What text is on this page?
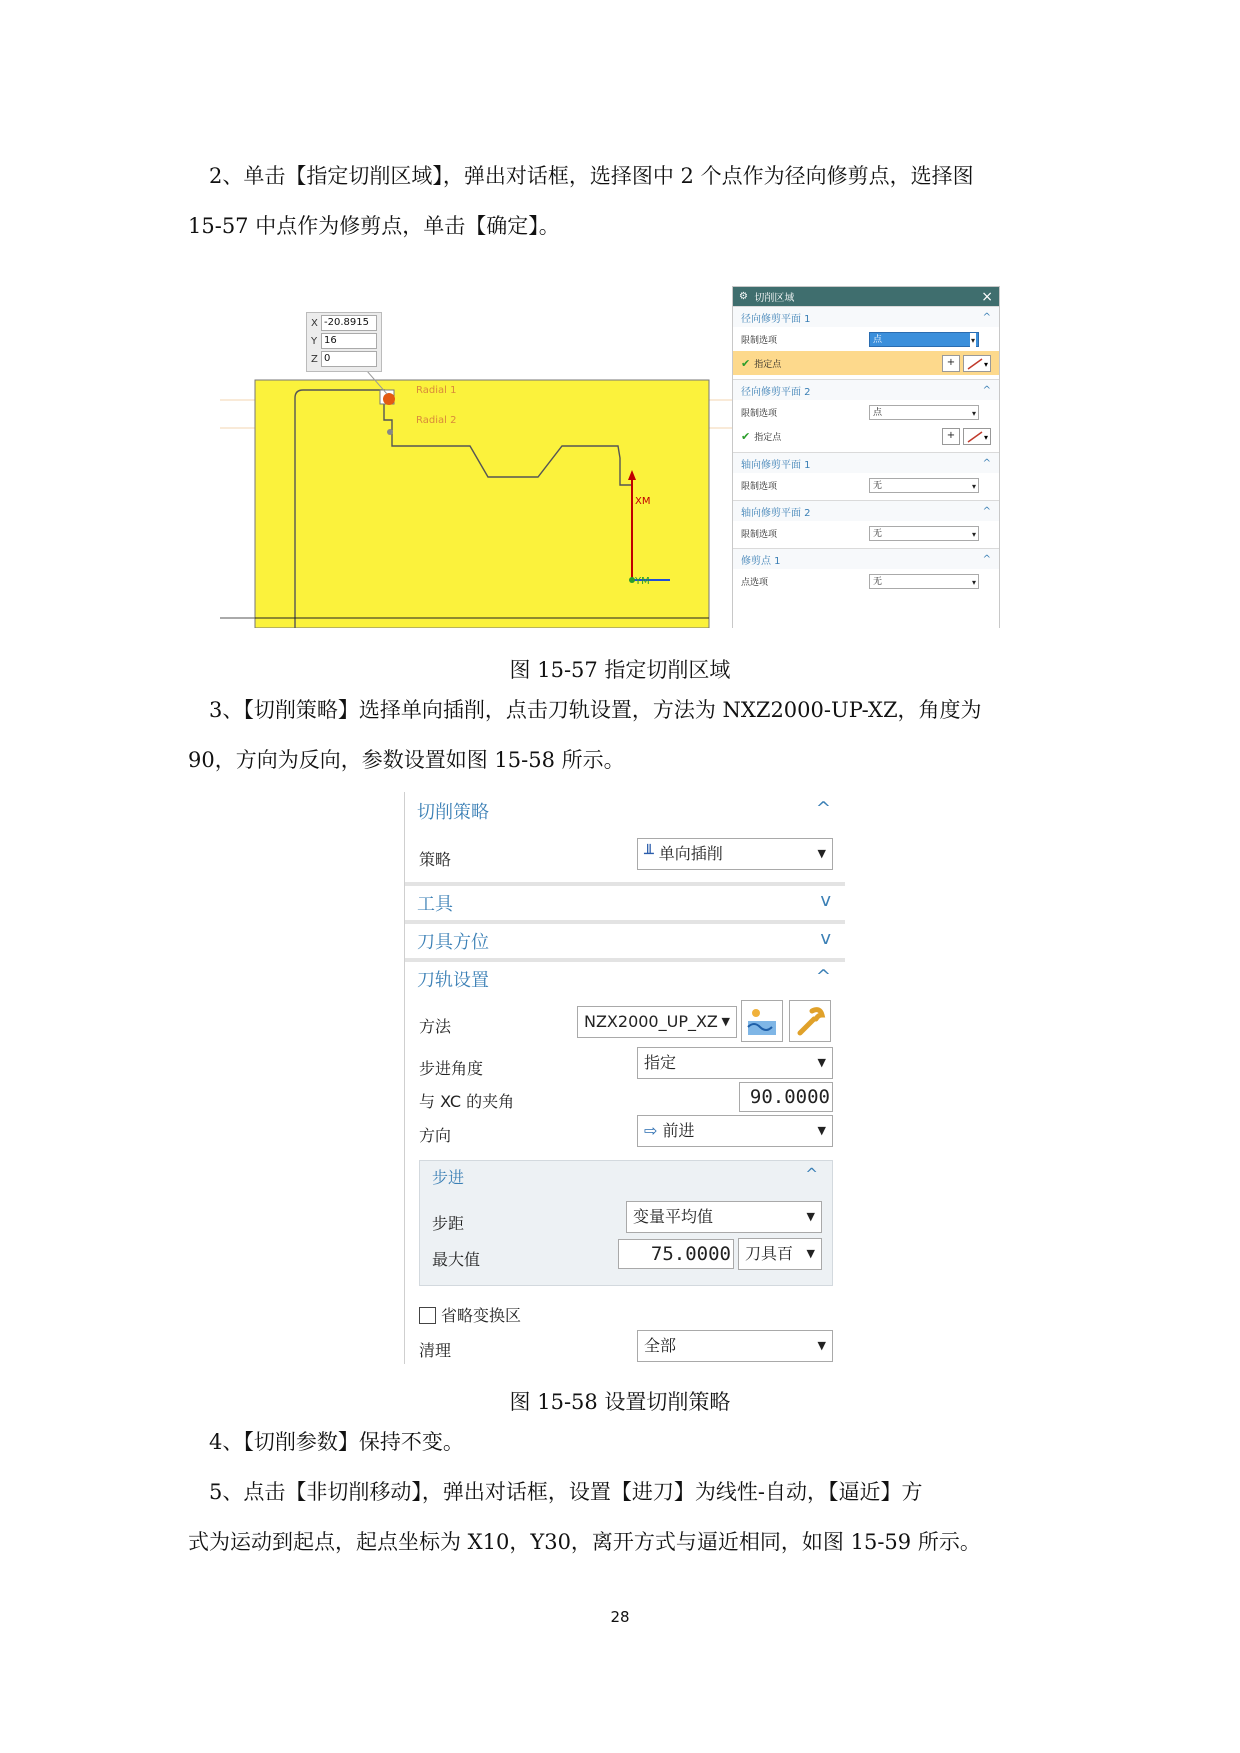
 2、单击【指定切削区域】，弹出对话框，选择图中 2 个点作为径向修剪点，选择图

15-57 中点作为修剪点，单击【确定】。

Radial 1
Radial 2
XM
YM
X -20.8915
Y 16
Z 0
⚙
切削区域	×
径向修剪平面 1	^
限制选项	点	▾
✔ 指定点	+	▾
径向修剪平面 2	^
限制选项	点	▾
✔ 指定点	+	▾
轴向修剪平面 1	^
限制选项	无	▾
轴向修剪平面 2	^
限制选项	无	▾
修剪点 1	^
点选项	无	▾
图 15-57 指定切削区域

 3、【切削策略】选择单向插削，点击刀轨设置，方法为 NXZ2000-UP-XZ，角度为

90，方向为反向，参数设置如图 15-58 所示。

切削策略	^
策略	╨ 单向插削	▼
工具	v
刀具方位	v
刀轨设置	^
方法	NZX2000_UP_XZ ▼
步进角度	指定	▼
与 XC 的夹角	90.0000
方向	⇨ 前进	▼
步进	^
步距	变量平均值	▼
最大值	75.0000 刀具百 ▼
省略变换区
清理	全部	▼
图 15-58 设置切削策略

 4、【切削参数】保持不变。

 5、点击【非切削移动】，弹出对话框，设置【进刀】为线性-自动，【逼近】方

式为运动到起点，起点坐标为 X10，Y30，离开方式与逼近相同，如图 15-59 所示。

28
